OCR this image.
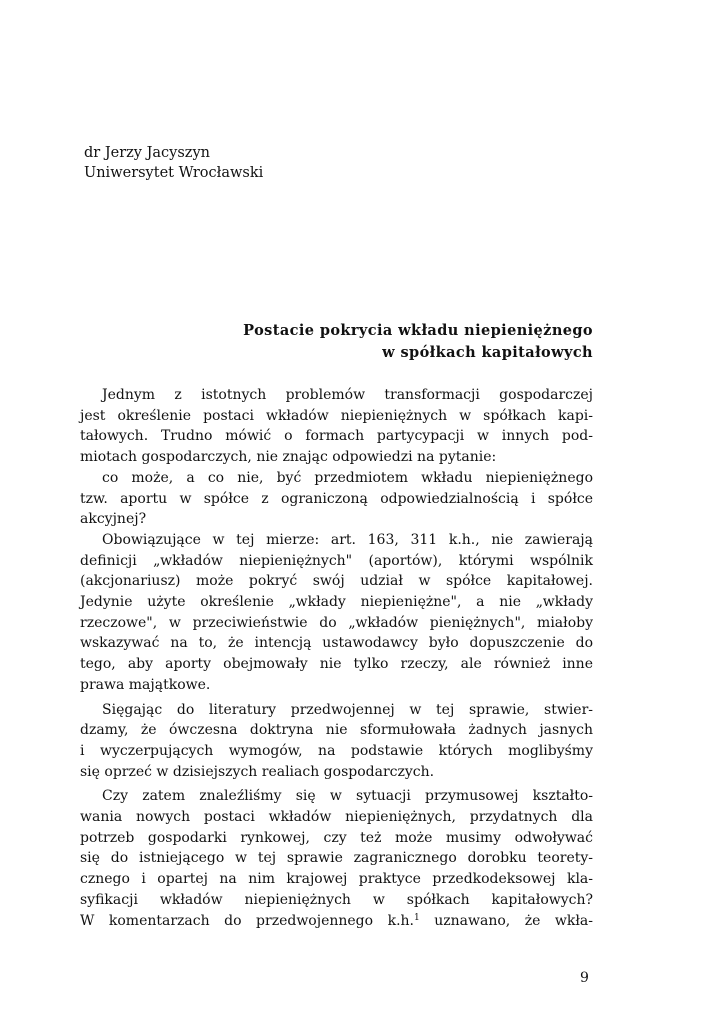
dr Jerzy Jacyszyn
Uniwersytet Wrocławski
Postacie pokrycia wkładu niepieniężnego
w spółkach kapitałowych
Jednym z istotnych problemów transformacji gospodarczej
jest określenie postaci wkładów niepieniężnych w spółkach kapi-
tałowych. Trudno mówić o formach partycypacji w innych pod-
miotach gospodarczych, nie znając odpowiedzi na pytanie:
co może, a co nie, być przedmiotem wkładu niepieniężnego
tzw. aportu w spółce z ograniczoną odpowiedzialnością i spółce
akcyjnej?
Obowiązujące w tej mierze: art. 163, 311 k.h., nie zawierają
definicji „wkładów niepieniężnych" (aportów), którymi wspólnik
(akcjonariusz) może pokryć swój udział w spółce kapitałowej.
Jedynie użyte określenie „wkłady niepieniężne", a nie „wkłady
rzeczowe", w przeciwieństwie do „wkładów pieniężnych", miałoby
wskazywać na to, że intencją ustawodawcy było dopuszczenie do
tego, aby aporty obejmowały nie tylko rzeczy, ale również inne
prawa majątkowe.
Sięgając do literatury przedwojennej w tej sprawie, stwier-
dzamy, że ówczesna doktryna nie sformułowała żadnych jasnych
i wyczerpujących wymogów, na podstawie których moglibyśmy
się oprzeć w dzisiejszych realiach gospodarczych.
Czy zatem znaleźliśmy się w sytuacji przymusowej kształto-
wania nowych postaci wkładów niepieniężnych, przydatnych dla
potrzeb gospodarki rynkowej, czy też może musimy odwoływać
się do istniejącego w tej sprawie zagranicznego dorobku teorety-
cznego i opartej na nim krajowej praktyce przedkodeksowej kla-
syfikacji wkładów niepieniężnych w spółkach kapitałowych?
W komentarzach do przedwojennego k.h.$^1$ uznawano, że wkła-
9
